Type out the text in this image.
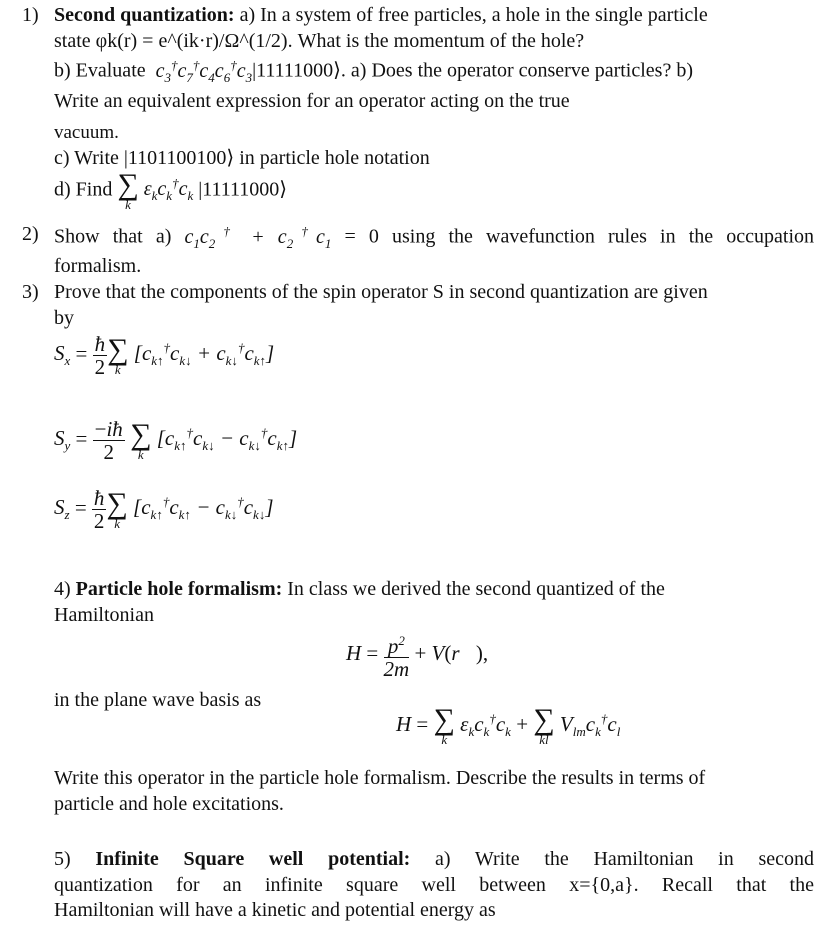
1) Second quantization: a) In a system of free particles, a hole in the single particle
state φk(r) = e^(ik·r)/Ω^(1/2). What is the momentum of the hole?
b) Evaluate $c_3^\dagger c_7^\dagger c_4c_6^\dagger c_3|11111000⟩$. a) Does the operator conserve particles? b)
Write an equivalent expression for an operator acting on the true
vacuum.
c) Write |1101100100⟩ in particle hole notation
d) Find ∑
k
$\varepsilon_kc_k^\dagger c_k$ |11111000⟩
2) Show that a) $c_1c_2^\dagger + c_2^\dagger c_1 = 0$ using the wavefunction rules in the occupation
formalism.
3) Prove that the components of the spin operator S in second quantization are given
by
$S_x = \frac{ħ}{2}$ ∑
k
$[c_{k↑}^\dagger c_{k↓} + c_{k↓}^\dagger c_{k↑}]$
$S_y = \frac{-iħ}{2}$
∑
k
$[c_{k↑}^\dagger c_{k↓} - c_{k↓}^\dagger c_{k↑}]$
$S_z = \frac{ħ}{2}$ ∑
k
$[c_{k↑}^\dagger c_{k↑} - c_{k↓}^\dagger c_{k↓}]$
4) Particle hole formalism: In class we derived the second quantized of the
Hamiltonian
$H = \frac{p^2}{2m}$ + V(r⃗),
in the plane wave basis as
H = ∑
k
$\varepsilon_kc_k^\dagger c_k$ + ∑
kl
$V_{lm}c_k^\dagger c_l$
Write this operator in the particle hole formalism. Describe the results in terms of
particle and hole excitations.
5) Infinite Square well potential: a) Write the Hamiltonian in second
quantization for an infinite square well between x={0,a}. Recall that the
Hamiltonian will have a kinetic and potential energy as
